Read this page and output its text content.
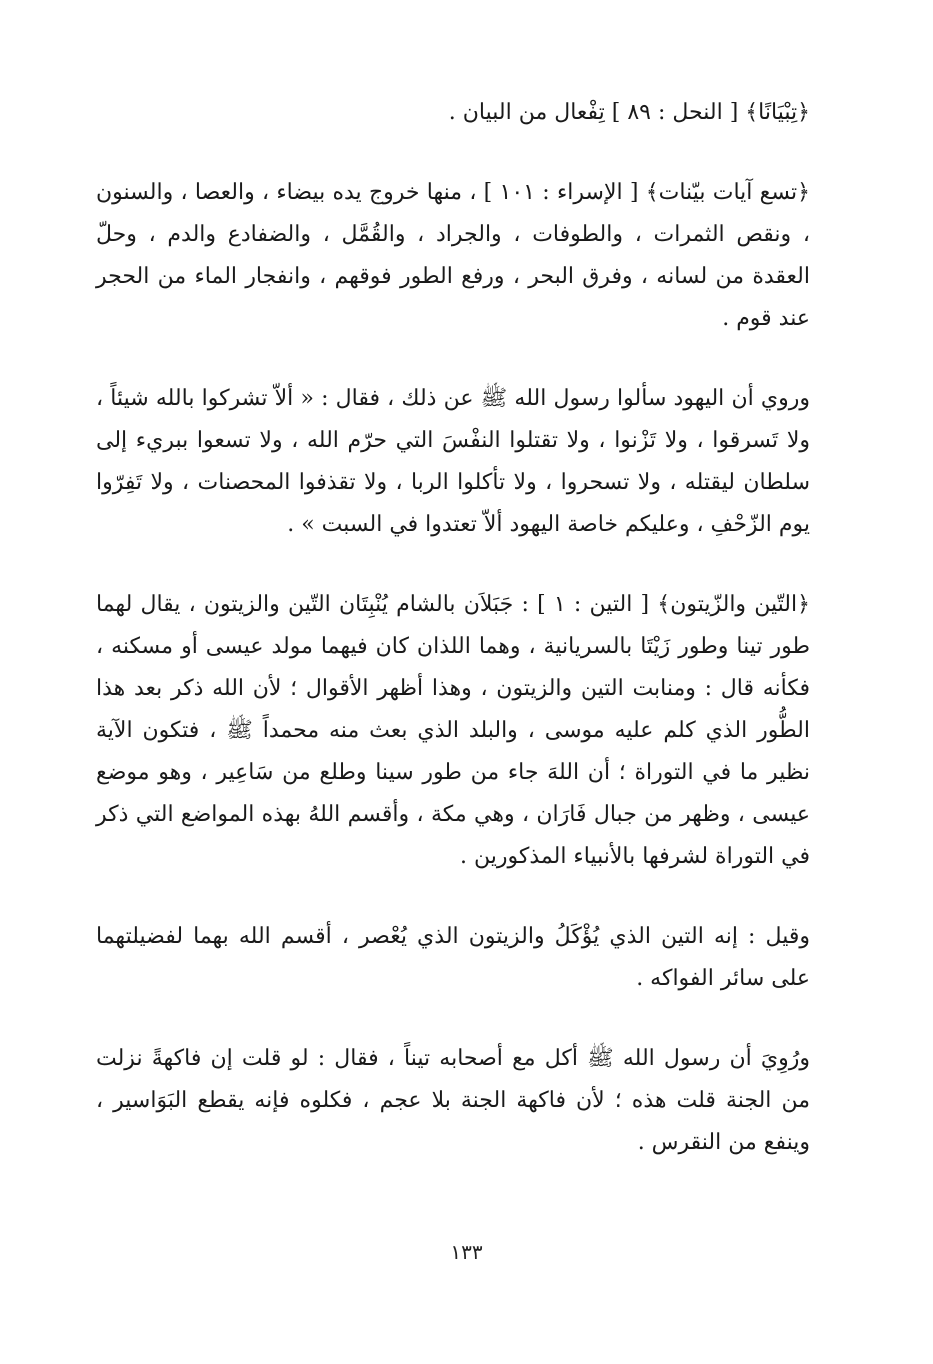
﴿تِبْيَانًا﴾ [ النحل : ٨٩ ] تِفْعال من البيان .

﴿تسع آيات بيّنات﴾ [ الإسراء : ١٠١ ] ، منها خروج يده بيضاء ، والعصا ، والسنون ، ونقص الثمرات ، والطوفات ، والجراد ، والقُمَّل ، والضفادع والدم ، وحلّ العقدة من لسانه ، وفرق البحر ، ورفع الطور فوقهم ، وانفجار الماء من الحجر عند قوم .

وروي أن اليهود سألوا رسول الله ﷺ عن ذلك ، فقال : « ألاّ تشركوا بالله شيئاً ، ولا تَسرقوا ، ولا تَزْنوا ، ولا تقتلوا النفْسَ التي حرّم الله ، ولا تسعوا ببريء إلى سلطان ليقتله ، ولا تسحروا ، ولا تأكلوا الربا ، ولا تقذفوا المحصنات ، ولا تَفِرّوا يوم الزّحْفِ ، وعليكم خاصة اليهود ألاّ تعتدوا في السبت » .

﴿التّين والزّيتون﴾ [ التين : ١ ] : جَبَلاَن بالشام يُنْبِتَان التّين والزيتون ، يقال لهما طور تينا وطور زَيْتَا بالسريانية ، وهما اللذان كان فيهما مولد عيسى أو مسكنه ، فكأنه قال : ومنابت التين والزيتون ، وهذا أظهر الأقوال ؛ لأن الله ذكر بعد هذا الطُّور الذي كلم عليه موسى ، والبلد الذي بعث منه محمداً ﷺ ، فتكون الآية نظير ما في التوراة ؛ أن اللهَ جاء من طور سينا وطلع من سَاعِير ، وهو موضع عيسى ، وظهر من جبال فَارَان ، وهي مكة ، وأقسم اللهُ بهذه المواضع التي ذكر في التوراة لشرفها بالأنبياء المذكورين .

وقيل : إنه التين الذي يُؤْكَلُ والزيتون الذي يُعْصر ، أقسم الله بهما لفضيلتهما على سائر الفواكه .

ورُوِيَ أن رسول الله ﷺ أكل مع أصحابه تيناً ، فقال : لو قلت إن فاكهةً نزلت من الجنة قلت هذه ؛ لأن فاكهة الجنة بلا عجم ، فكلوه فإنه يقطع البَوَاسير ، وينفع من النقرس .

١٣٣
